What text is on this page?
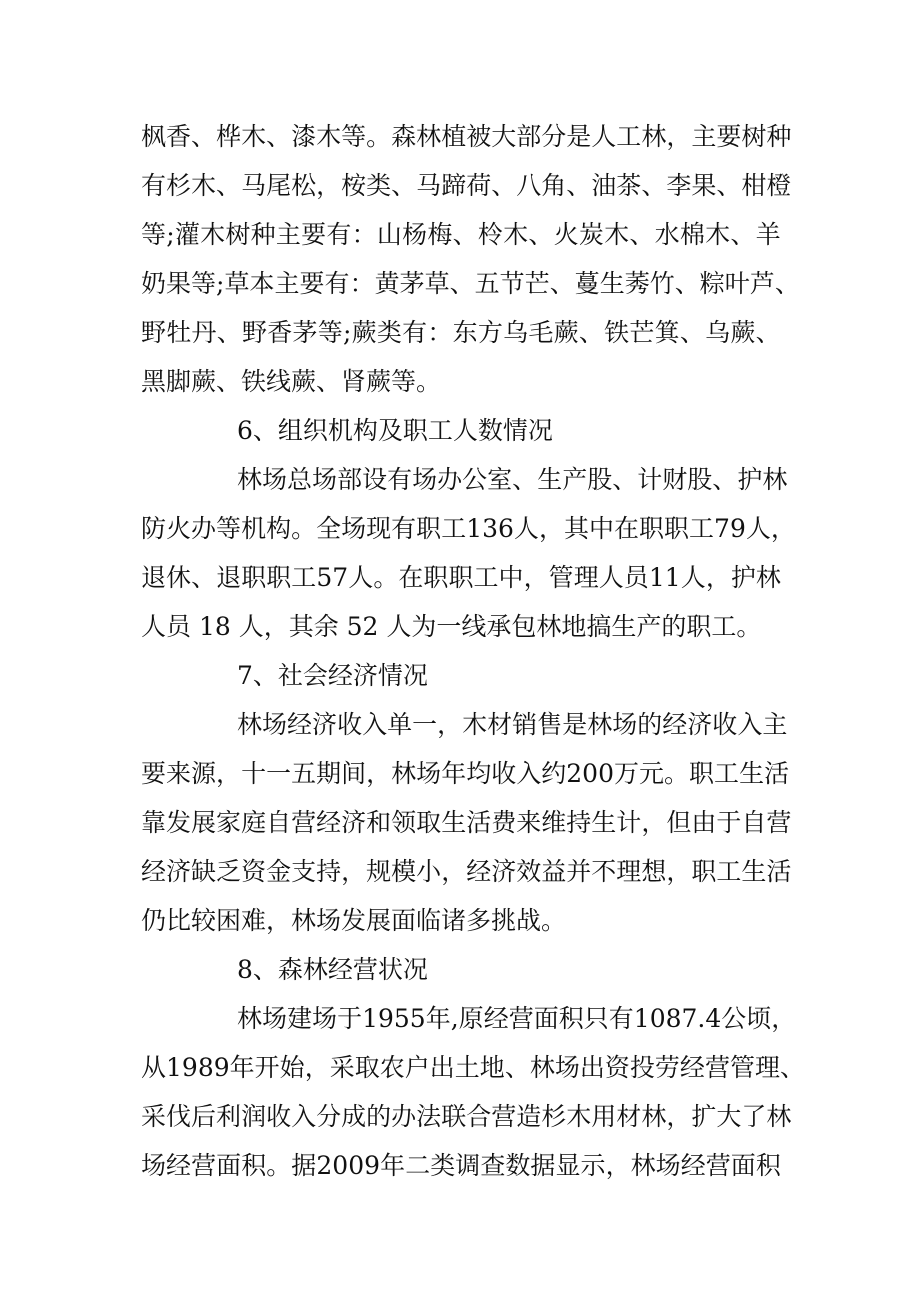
枫 香 、 桦 木 、 漆 木 等 。 森 林 植 被 大 部 分 是 人 工 林 ， 主 要 树 种
有 杉 木 、 马 尾 松 ， 桉 类 、 马 蹄 荷 、 八 角 、 油 茶 、 李 果 、 柑 橙
等 ; 灌 木 树 种 主 要 有 ： 山 杨 梅 、 柃 木 、 火 炭 木 、 水 棉 木 、 羊
奶 果 等 ; 草 本 主 要 有 ： 黄 茅 草 、 五 节 芒 、 蔓 生 莠 竹 、 粽 叶 芦 、
野 牡 丹 、 野 香 茅 等 ; 蕨 类 有 ： 东 方 乌 毛 蕨 、 铁 芒 箕 、 乌 蕨 、
黑脚蕨、铁线蕨、肾蕨等。
6、组织机构及职工人数情况
林 场 总 场 部 设 有 场 办 公 室 、 生 产 股 、 计 财 股 、 护 林
防 火 办 等 机 构 。 全 场 现 有 职 工 1 3 6 人 ， 其 中 在 职 职 工 7 9 人 ，
退 休 、 退 职 职 工 5 7 人 。 在 职 职 工 中 ， 管 理 人 员 1 1 人 ， 护 林
人员 18 人，其余 52 人为一线承包林地搞生产的职工。
7、社会经济情况
林 场 经 济 收 入 单 一 ， 木 材 销 售 是 林 场 的 经 济 收 入 主
要 来 源 ， 十 一 五 期 间 ， 林 场 年 均 收 入 约 2 0 0 万 元 。 职 工 生 活
靠 发 展 家 庭 自 营 经 济 和 领 取 生 活 费 来 维 持 生 计 ， 但 由 于 自 营
经 济 缺 乏 资 金 支 持 ， 规 模 小 ， 经 济 效 益 并 不 理 想 ， 职 工 生 活
仍比较困难，林场发展面临诸多挑战。
8、森林经营状况
林 场 建 场 于 1 9 5 5 年 , 原 经 营 面 积 只 有 1 0 8 7 . 4 公 顷 ，
从 1 9 8 9 年 开 始 ， 采 取 农 户 出 土 地 、 林 场 出 资 投 劳 经 营 管 理 、
采 伐 后 利 润 收 入 分 成 的 办 法 联 合 营 造 杉 木 用 材 林 ， 扩 大 了 林
场 经 营 面 积 。 据 2 0 0 9 年 二 类 调 查 数 据 显 示 ， 林 场 经 营 面 积
